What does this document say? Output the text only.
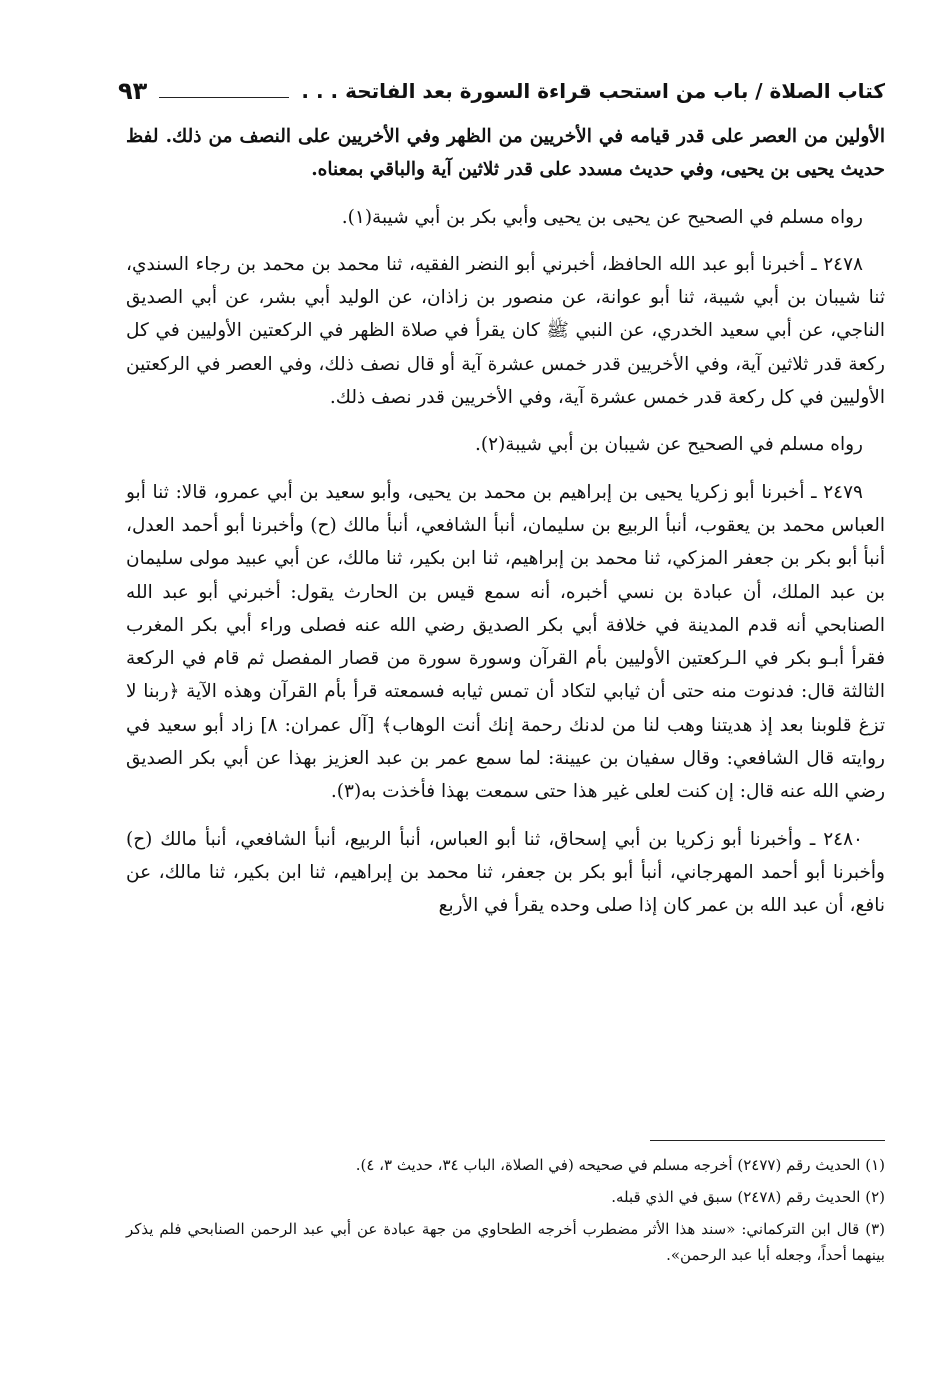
كتاب الصلاة / باب من استحب قراءة السورة بعد الفاتحة . . .
٩٣

الأولين من العصر على قدر قيامه في الأخريين من الظهر وفي الأخريين على النصف من ذلك. لفظ حديث يحيى بن يحيى، وفي حديث مسدد على قدر ثلاثين آية والباقي بمعناه.

رواه مسلم في الصحيح عن يحيى بن يحيى وأبي بكر بن أبي شيبة(١).

٢٤٧٨ ـ أخبرنا أبو عبد الله الحافظ، أخبرني أبو النضر الفقيه، ثنا محمد بن محمد بن رجاء السندي، ثنا شيبان بن أبي شيبة، ثنا أبو عوانة، عن منصور بن زاذان، عن الوليد أبي بشر، عن أبي الصديق الناجي، عن أبي سعيد الخدري، عن النبي ﷺ كان يقرأ في صلاة الظهر في الركعتين الأوليين في كل ركعة قدر ثلاثين آية، وفي الأخريين قدر خمس عشرة آية أو قال نصف ذلك، وفي العصر في الركعتين الأوليين في كل ركعة قدر خمس عشرة آية، وفي الأخريين قدر نصف ذلك.

رواه مسلم في الصحيح عن شيبان بن أبي شيبة(٢).

٢٤٧٩ ـ أخبرنا أبو زكريا يحيى بن إبراهيم بن محمد بن يحيى، وأبو سعيد بن أبي عمرو، قالا: ثنا أبو العباس محمد بن يعقوب، أنبأ الربيع بن سليمان، أنبأ الشافعي، أنبأ مالك (ح) وأخبرنا أبو أحمد العدل، أنبأ أبو بكر بن جعفر المزكي، ثنا محمد بن إبراهيم، ثنا ابن بكير، ثنا مالك، عن أبي عبيد مولى سليمان بن عبد الملك، أن عبادة بن نسي أخبره، أنه سمع قيس بن الحارث يقول: أخبرني أبو عبد الله الصنابحي أنه قدم المدينة في خلافة أبي بكر الصديق رضي الله عنه فصلى وراء أبي بكر المغرب فقرأ أبـو بكر في الـركعتين الأوليين بأم القرآن وسورة سورة من قصار المفصل ثم قام في الركعة الثالثة قال: فدنوت منه حتى أن ثيابي لتكاد أن تمس ثيابه فسمعته قرأ بأم القرآن وهذه الآية ﴿ربنا لا تزغ قلوبنا بعد إذ هديتنا وهب لنا من لدنك رحمة إنك أنت الوهاب﴾ [آل عمران: ٨] زاد أبو سعيد في روايته قال الشافعي: وقال سفيان بن عيينة: لما سمع عمر بن عبد العزيز بهذا عن أبي بكر الصديق رضي الله عنه قال: إن كنت لعلى غير هذا حتى سمعت بهذا فأخذت به(٣).

٢٤٨٠ ـ وأخبرنا أبو زكريا بن أبي إسحاق، ثنا أبو العباس، أنبأ الربيع، أنبأ الشافعي، أنبأ مالك (ح) وأخبرنا أبو أحمد المهرجاني، أنبأ أبو بكر بن جعفر، ثنا محمد بن إبراهيم، ثنا ابن بكير، ثنا مالك، عن نافع، أن عبد الله بن عمر كان إذا صلى وحده يقرأ في الأربع

(١) الحديث رقم (٢٤٧٧) أخرجه مسلم في صحيحه (في الصلاة، الباب ٣٤، حديث ٣، ٤).

(٢) الحديث رقم (٢٤٧٨) سبق في الذي قبله.

(٣) قال ابن التركماني: «سند هذا الأثر مضطرب أخرجه الطحاوي من جهة عبادة عن أبي عبد الرحمن الصنابحي فلم يذكر بينهما أحداً، وجعله أبا عبد الرحمن».
